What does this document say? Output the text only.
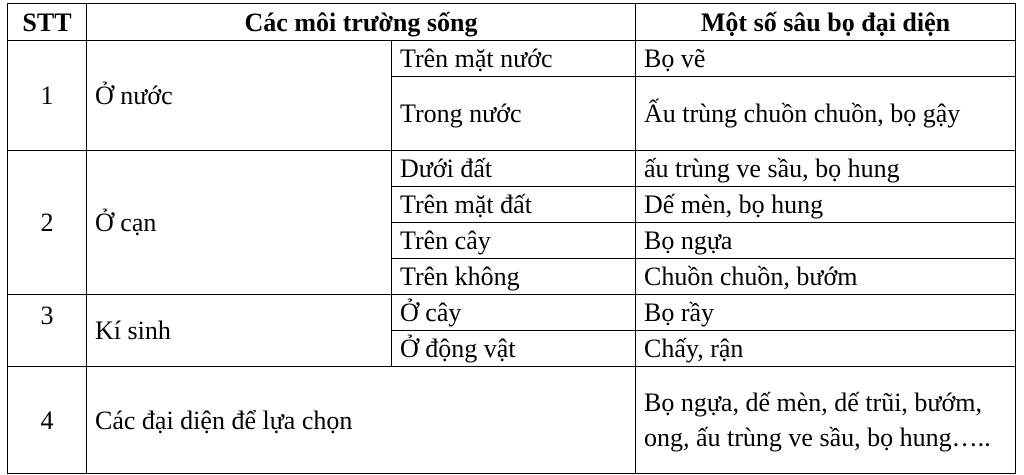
STT	Các môi trường sống		Một số sâu bọ đại diện
1	Ở nước	Trên mặt nước	Bọ vẽ
		Trong nước	Ấu trùng chuồn chuồn, bọ gậy
2	Ở cạn	Dưới đất	ấu trùng ve sầu, bọ hung
		Trên mặt đất	Dế mèn, bọ hung
		Trên cây	Bọ ngựa
		Trên không	Chuồn chuồn, bướm
3	Kí sinh	Ở cây	Bọ rầy
		Ở động vật	Chấy, rận
4	Các đại diện để lựa chọn		Bọ ngựa, dế mèn, dế trũi, bướm, ong, ấu trùng ve sầu, bọ hung…..
